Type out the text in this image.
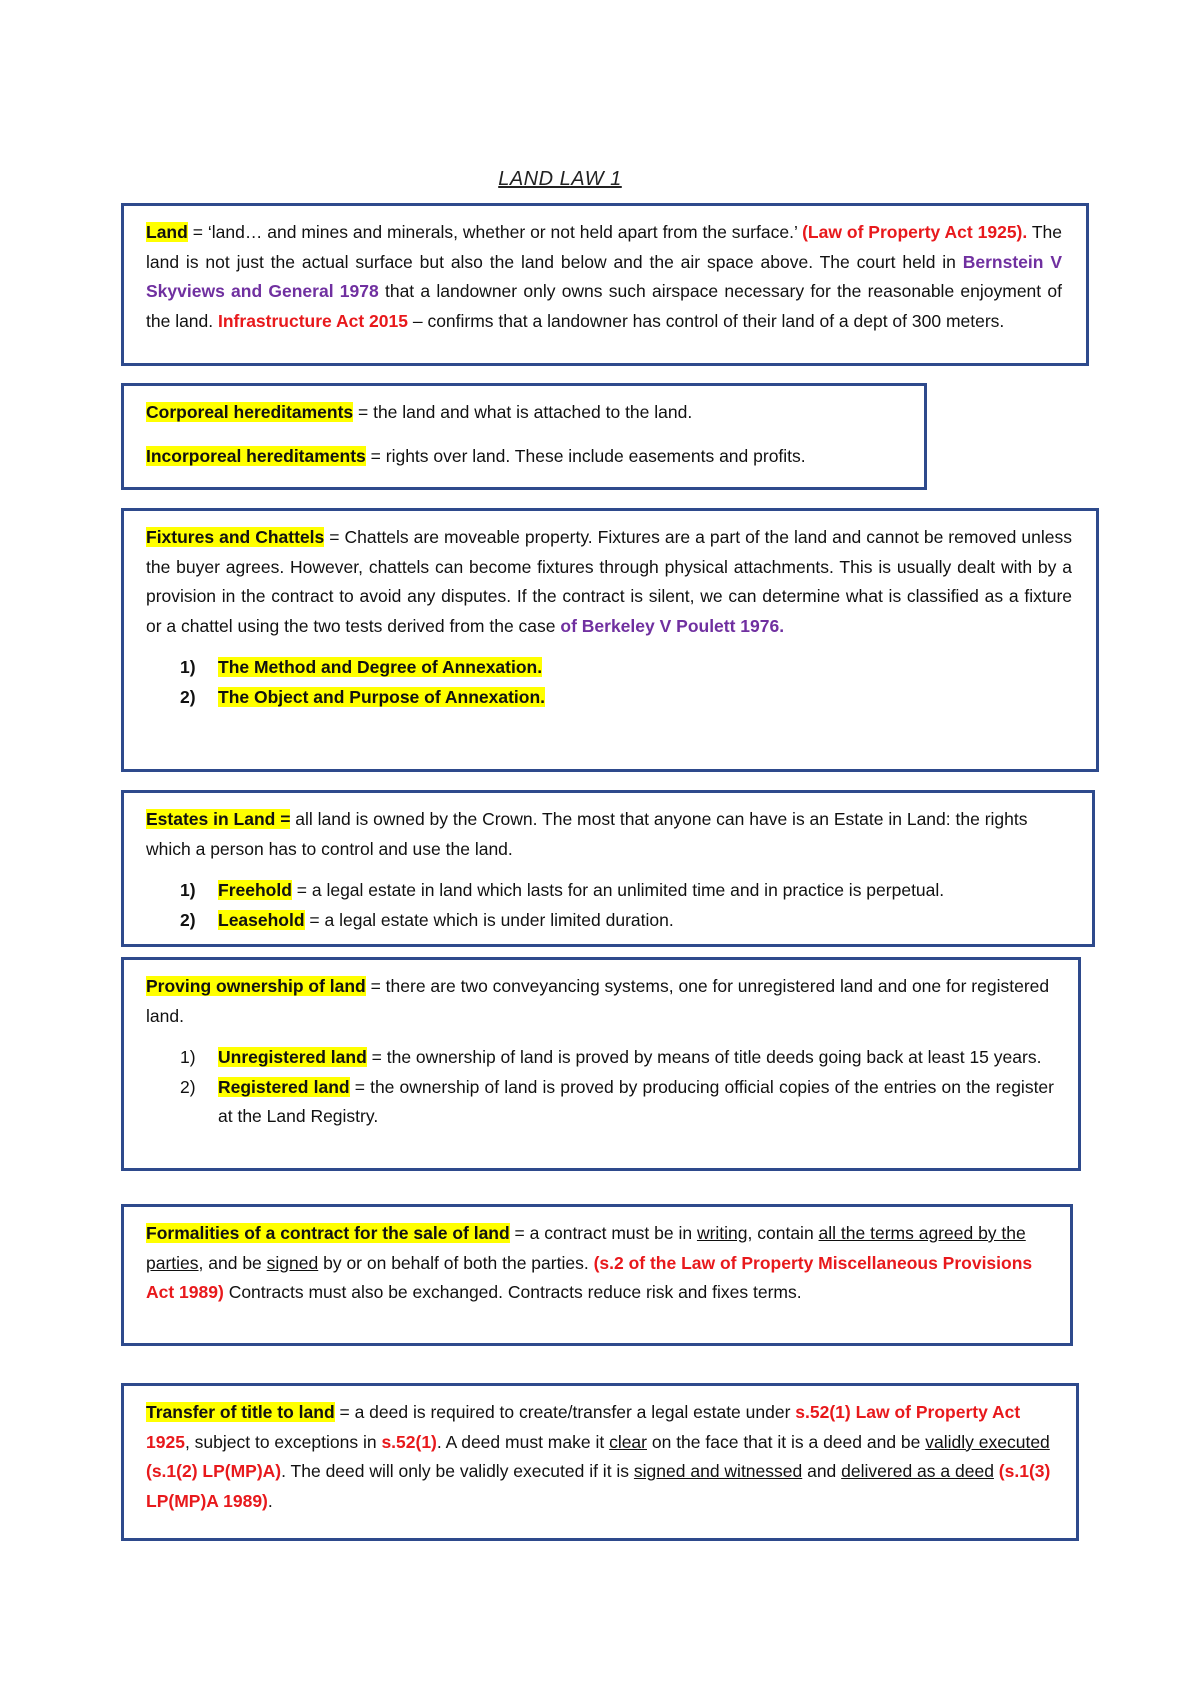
LAND LAW 1

Land = ‘land… and mines and minerals, whether or not held apart from the surface.’ (Law of Property Act 1925). The land is not just the actual surface but also the land below and the air space above. The court held in Bernstein V Skyviews and General 1978 that a landowner only owns such airspace necessary for the reasonable enjoyment of the land. Infrastructure Act 2015 – confirms that a landowner has control of their land of a dept of 300 meters.

Corporeal hereditaments = the land and what is attached to the land.

Incorporeal hereditaments = rights over land. These include easements and profits.

Fixtures and Chattels = Chattels are moveable property. Fixtures are a part of the land and cannot be removed unless the buyer agrees. However, chattels can become fixtures through physical attachments. This is usually dealt with by a provision in the contract to avoid any disputes. If the contract is silent, we can determine what is classified as a fixture or a chattel using the two tests derived from the case of Berkeley V Poulett 1976.

1)	The Method and Degree of Annexation.
2)	The Object and Purpose of Annexation.

Estates in Land = all land is owned by the Crown. The most that anyone can have is an Estate in Land: the rights which a person has to control and use the land.

1)	Freehold = a legal estate in land which lasts for an unlimited time and in practice is perpetual.
2)	Leasehold = a legal estate which is under limited duration.

Proving ownership of land = there are two conveyancing systems, one for unregistered land and one for registered land.

1)	Unregistered land = the ownership of land is proved by means of title deeds going back at least 15 years.
2)	Registered land = the ownership of land is proved by producing official copies of the entries on the register at the Land Registry.

Formalities of a contract for the sale of land = a contract must be in writing, contain all the terms agreed by the parties, and be signed by or on behalf of both the parties. (s.2 of the Law of Property Miscellaneous Provisions Act 1989) Contracts must also be exchanged. Contracts reduce risk and fixes terms.

Transfer of title to land = a deed is required to create/transfer a legal estate under s.52(1) Law of Property Act 1925, subject to exceptions in s.52(1). A deed must make it clear on the face that it is a deed and be validly executed (s.1(2) LP(MP)A). The deed will only be validly executed if it is signed and witnessed and delivered as a deed (s.1(3) LP(MP)A 1989).
